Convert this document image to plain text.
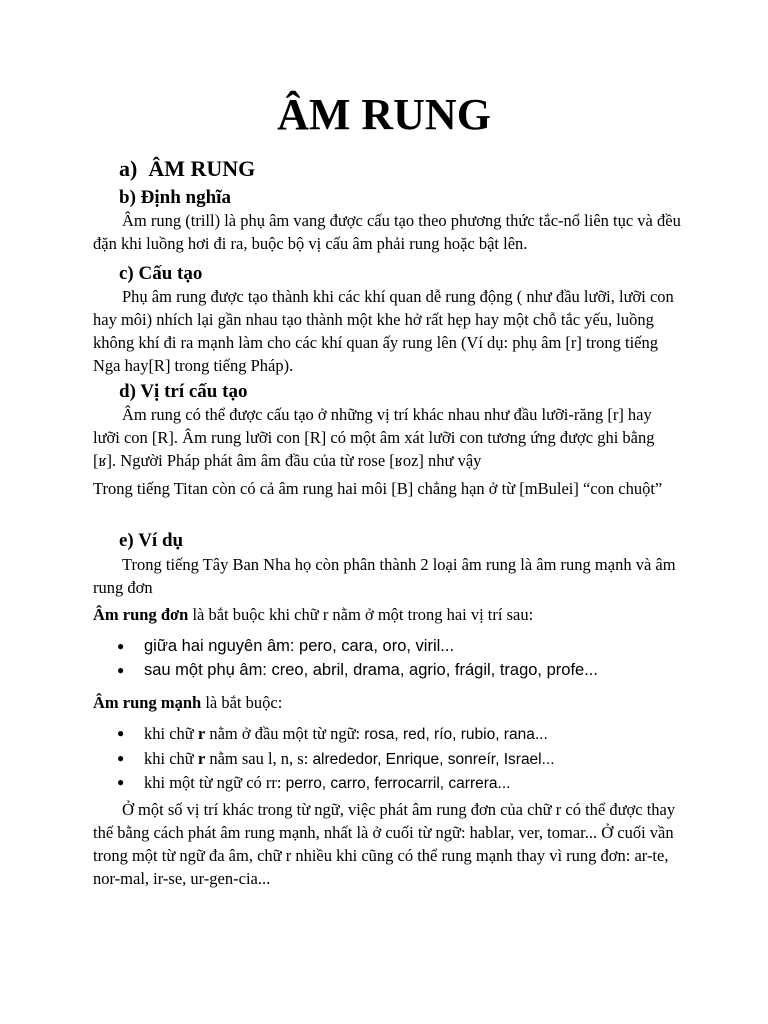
ÂM RUNG
a) ÂM RUNG
b) Định nghĩa
Âm rung (trill) là phụ âm vang được cấu tạo theo phương thức tắc-nổ liên tục và đều đặn khi luồng hơi đi ra, buộc bộ vị cấu âm phải rung hoặc bật lên.
c) Cấu tạo
Phụ âm rung được tạo thành khi các khí quan dễ rung động ( như đầu lưỡi, lưỡi con hay môi) nhích lại gần nhau tạo thành một khe hở rất hẹp hay một chỗ tắc yếu, luồng không khí đi ra mạnh làm cho các khí quan ấy rung lên (Ví dụ: phụ âm [r] trong tiếng Nga hay[R] trong tiếng Pháp).
d) Vị trí cấu tạo
Âm rung có thể được cấu tạo ở những vị trí khác nhau như đầu lưỡi-răng [r] hay lưỡi con [R]. Âm rung lưỡi con [R] có một âm xát lưỡi con tương ứng được ghi bằng [ʁ]. Người Pháp phát âm âm đầu của từ rose [ʁoz] như vậy
Trong tiếng Titan còn có cả âm rung hai môi [B] chẳng hạn ở từ [mBulei] “con chuột”
e) Ví dụ
Trong tiếng Tây Ban Nha họ còn phân thành 2 loại âm rung là âm rung mạnh và âm rung đơn
Âm rung đơn là bắt buộc khi chữ r nằm ở một trong hai vị trí sau:
● giữa hai nguyên âm: pero, cara, oro, viril...
● sau một phụ âm: creo, abril, drama, agrio, frágil, trago, profe...
Âm rung mạnh là bắt buộc:
● khi chữ r nằm ở đầu một từ ngữ: rosa, red, río, rubio, rana...
● khi chữ r nằm sau l, n, s: alrededor, Enrique, sonreír, Israel...
● khi một từ ngữ có rr: perro, carro, ferrocarril, carrera...
Ở một số vị trí khác trong từ ngữ, việc phát âm rung đơn của chữ r có thể được thay thế bằng cách phát âm rung mạnh, nhất là ở cuối từ ngữ: hablar, ver, tomar... Ở cuối vần trong một từ ngữ đa âm, chữ r nhiều khi cũng có thể rung mạnh thay vì rung đơn: ar-te, nor-mal, ir-se, ur-gen-cia...
